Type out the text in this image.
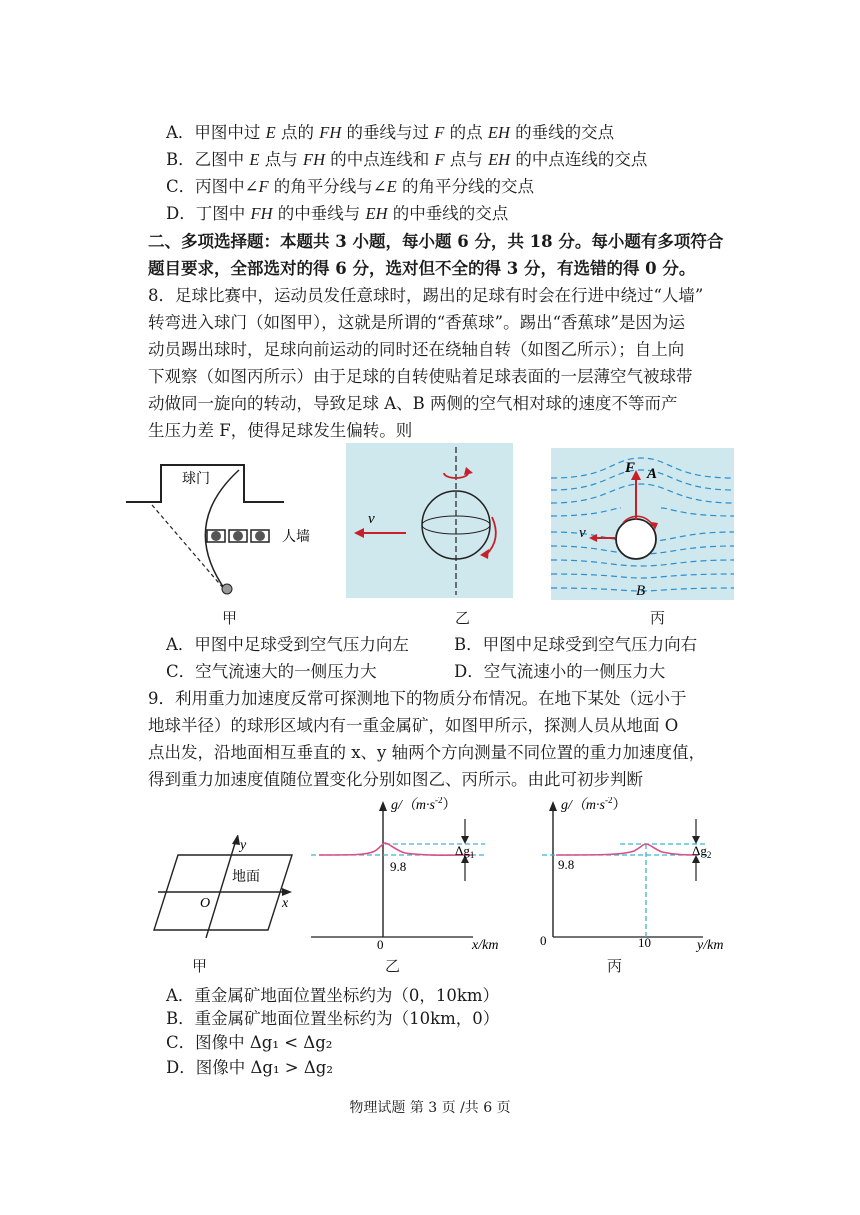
A．甲图中过 E 点的 FH 的垂线与过 F 的点 EH 的垂线的交点
B．乙图中 E 点与 FH 的中点连线和 F 点与 EH 的中点连线的交点
C．丙图中∠F 的角平分线与∠E 的角平分线的交点
D．丁图中 FH 的中垂线与 EH 的中垂线的交点
二、多项选择题：本题共 3 小题，每小题 6 分，共 18 分。每小题有多项符合
题目要求，全部选对的得 6 分，选对但不全的得 3 分，有选错的得 0 分。
8．足球比赛中，运动员发任意球时，踢出的足球有时会在行进中绕过“人墙”
转弯进入球门（如图甲），这就是所谓的“香蕉球”。踢出“香蕉球”是因为运
动员踢出球时，足球向前运动的同时还在绕轴自转（如图乙所示）；自上向
下观察（如图丙所示）由于足球的自转使贴着足球表面的一层薄空气被球带
动做同一旋向的转动，导致足球 A、B 两侧的空气相对球的速度不等而产
生压力差 F，使得足球发生偏转。则
球门
人墙
甲
v
乙
F A
v
B
丙
A．甲图中足球受到空气压力向左	B．甲图中足球受到空气压力向右
C．空气流速大的一侧压力大	D．空气流速小的一侧压力大
9．利用重力加速度反常可探测地下的物质分布情况。在地下某处（远小于
地球半径）的球形区域内有一重金属矿，如图甲所示，探测人员从地面 O
点出发，沿地面相互垂直的 x、y 轴两个方向测量不同位置的重力加速度值，
得到重力加速度值随位置变化分别如图乙、丙所示。由此可初步判断
y
x
O
地面
甲
$g/(m\cdot s^{-2})$
9.8
0	x/km
$\Delta g_1$
乙
$g/(m\cdot s^{-2})$
9.8
0	10	y/km
$\Delta g_2$
丙
A．重金属矿地面位置坐标约为（0，10km）
B．重金属矿地面位置坐标约为（10km，0）
C．图像中 Δg₁ < Δg₂
D．图像中 Δg₁ > Δg₂
物理试题 第 3 页 /共 6 页
